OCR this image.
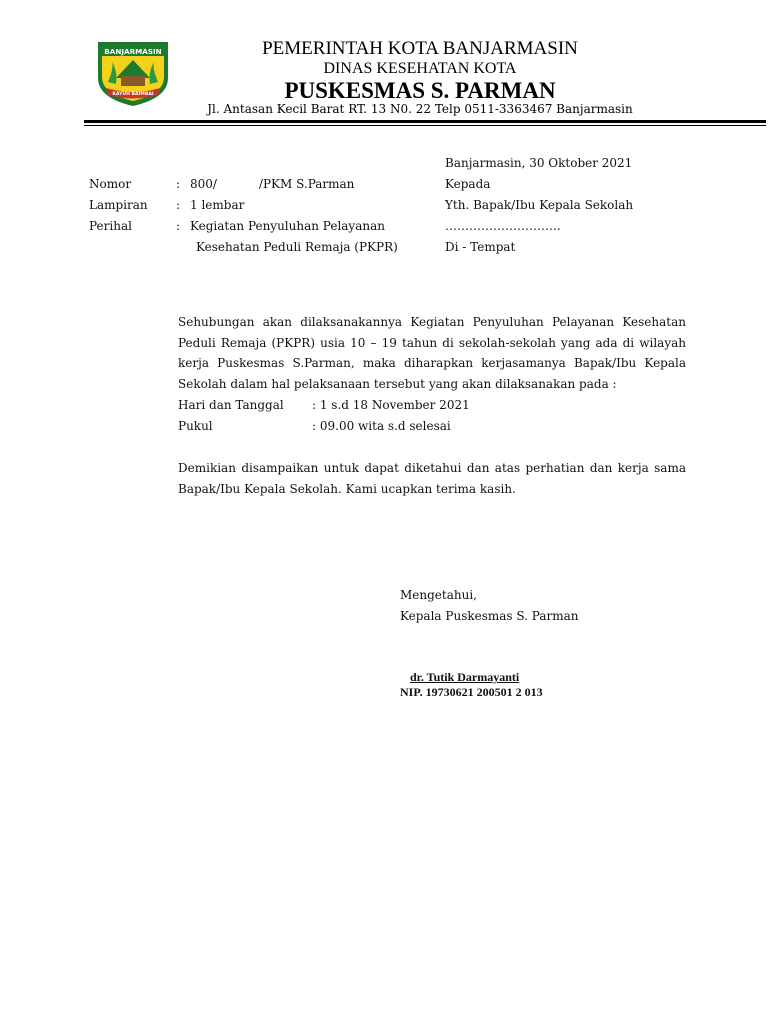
BANJARMASIN
KAYUH BAIMBAI
PEMERINTAH KOTA BANJARMASIN
DINAS KESEHATAN KOTA
PUSKESMAS S. PARMAN
Jl. Antasan Kecil Barat RT. 13 N0. 22 Telp 0511-3363467 Banjarmasin
Banjarmasin, 30 Oktober 2021
Nomor	: 800/           /PKM S.Parman
Lampiran : 1 lembar
Perihal	: Kegiatan Penyuluhan Pelayanan
Kesehatan Peduli Remaja (PKPR)
Kepada
Yth. Bapak/Ibu Kepala Sekolah
………………………..
Di - Tempat
Sehubungan akan dilaksanakannya Kegiatan Penyuluhan Pelayanan Kesehatan Peduli Remaja (PKPR) usia 10 – 19 tahun di sekolah-sekolah yang ada di wilayah kerja Puskesmas S.Parman, maka diharapkan kerjasamanya Bapak/Ibu Kepala Sekolah dalam hal pelaksanaan tersebut yang akan dilaksanakan pada :
Hari dan Tanggal : 1 s.d 18 November 2021
Pukul	: 09.00 wita s.d selesai
Demikian disampaikan untuk dapat diketahui dan atas perhatian dan kerja sama Bapak/Ibu Kepala Sekolah. Kami ucapkan terima kasih.
Mengetahui,
Kepala Puskesmas S. Parman
dr. Tutik Darmayanti
NIP. 19730621 200501 2 013
